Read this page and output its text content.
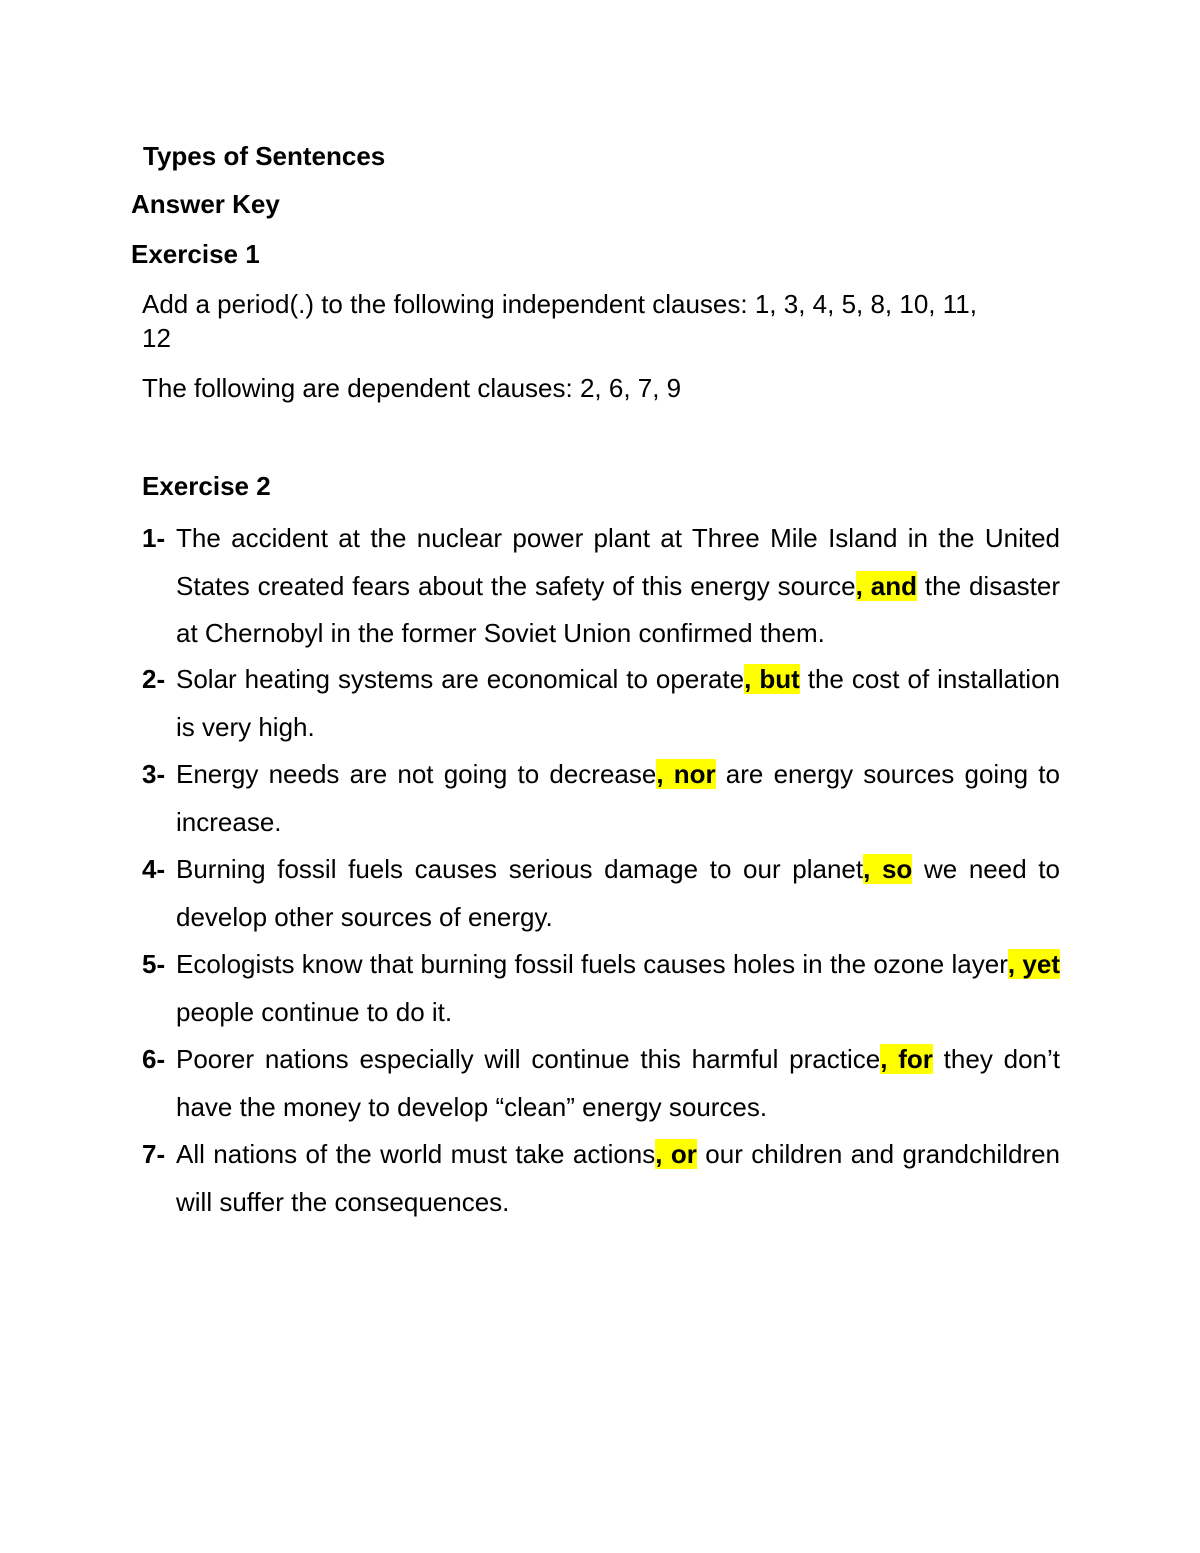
Types of Sentences
Answer Key
Exercise 1
Add a period(.) to the following independent clauses: 1, 3, 4, 5, 8, 10, 11,
12
The following are dependent clauses: 2, 6, 7, 9
Exercise 2
1- The accident at the nuclear power plant at Three Mile Island in the United States created fears about the safety of this energy source, and the disaster at Chernobyl in the former Soviet Union confirmed them.
2- Solar heating systems are economical to operate, but the cost of installation is very high.
3- Energy needs are not going to decrease, nor are energy sources going to increase.
4- Burning fossil fuels causes serious damage to our planet, so we need to develop other sources of energy.
5- Ecologists know that burning fossil fuels causes holes in the ozone layer, yet people continue to do it.
6- Poorer nations especially will continue this harmful practice, for they don’t have the money to develop “clean” energy sources.
7- All nations of the world must take actions, or our children and grandchildren will suffer the consequences.
